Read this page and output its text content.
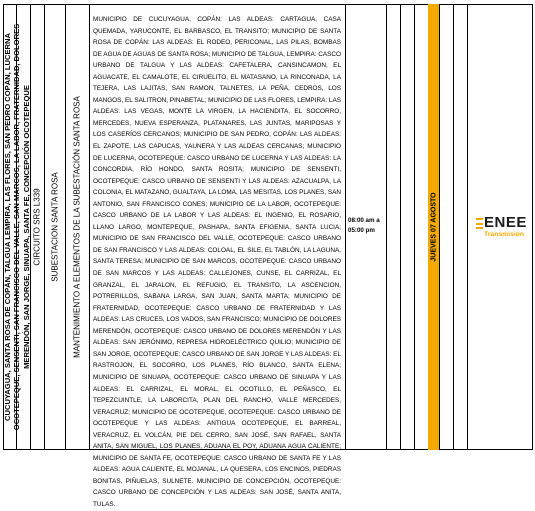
CUCUYAGUA, SANTA ROSA DE COPÁN, TALGUA LEMPIRA, LAS FLORES, SAN PEDRO COPÁN, LUCERNA OCOTEPEQUE, SENSENTI, SAN FRANCISCO DEL VALLE, SAN MARCOS, LA LABOR, FRATERNIDAD, DOLORES MERENDÓN, SAN JORGE, SINUAPA, SANTA FE, CONCEPCIÓN OCOTEPEQUE CIRCUITO SRS L339 SUBESTACION SANTA ROSA MANTENIMIENTO A ELEMENTOS DE LA SUBESTACIÓN SANTA ROSA
MUNICIPIO DE CUCUYAGUA, COPÁN: LAS ALDEAS: CARTAGUA, CASA QUEMADA, YARUCONTE, EL BARBASCO, EL TRANSITO; MUNICIPIO DE SANTA ROSA DE COPÁN: LAS ALDEAS: EL RODEO, PERICONAL, LAS PILAS, BOMBAS DE AGUA DE AGUAS DE SANTA ROSA; MUNICIPIO DE TALGUA, LEMPIRA: CASCO URBANO DE TALGUA Y LAS ALDEAS: CAFETALERA, CANSINCAMON, EL AGUACATE, EL CAMALOTE, EL CIRUELITO, EL MATASANO, LA RINCONADA, LA TEJERA, LAS LAJITAS, SAN RAMON, TALNETES, LA PEÑA, CEDROS, LOS MANGOS, EL SALITRON, PINABETAL; MUNICIPIO DE LAS FLORES, LEMPIRA: LAS ALDEAS: LAS VEGAS, MONTE LA VIRGEN, LA HACIENDITA, EL SOCORRO, MERCEDES, NUEVA ESPERANZA, PLATANARES, LAS JUNTAS, MARIPOSAS Y LOS CASERÍOS CERCANOS; MUNICIPIO DE SAN PEDRO, COPÁN: LAS ALDEAS: EL ZAPOTE, LAS CAPUCAS, YAUNERA Y LAS ALDEAS CERCANAS; MUNICIPIO DE LUCERNA, OCOTEPEQUE: CASCO URBANO DE LUCERNA Y LAS ALDEAS: LA CONCORDIA, RÍO HONDO, SANTA ROSITA; MUNICIPIO DE SENSENTI, OCOTEPEQUE: CASCO URBANO DE SENSENTI Y LAS ALDEAS: AZACUALPA, LA COLONIA, EL MATAZANO, GUALTAYA, LA LOMA, LAS MESITAS, LOS PLANES, SAN ANTONIO, SAN FRANCISCO CONES; MUNICIPIO DE LA LABOR, OCOTEPEQUE: CASCO URBANO DE LA LABOR Y LAS ALDEAS: EL INGENIO, EL ROSARIO, LLANO LARGO, MONTEPEQUE, PASHAPA, SANTA EFIGENIA, SANTA LUCIA; MUNICIPIO DE SAN FRANCISCO DEL VALLE, OCOTEPEQUE: CASCO URBANO DE SAN FRANCISCO Y LAS ALDEAS: COLOAL, EL SILE, EL TABLÓN, LA LAGUNA, SANTA TERESA; MUNICIPIO DE SAN MARCOS, OCOTEPEQUE: CASCO URBANO DE SAN MARCOS Y LAS ALDEAS: CALLEJONES, CUNSE, EL CARRIZAL, EL GRANZAL, EL JARALON, EL REFUGIO, EL TRANSITO, LA ASCENCION, POTRERILLOS, SABANA LARGA, SAN JUAN, SANTA MARTA; MUNICIPIO DE FRATERNIDAD, OCOTEPEQUE: CASCO URBANO DE FRATERNIDAD Y LAS ALDEAS: LAS CRUCES, LOS VADOS, SAN FRANCISCO; MUNICIPIO DE DOLORES MERENDÓN, OCOTEPEQUE: CASCO URBANO DE DOLORES MERENDÓN Y LAS ALDEAS: SAN JERÓNIMO, REPRESA HIDROELÉCTRICO QUILIO; MUNICIPIO DE SAN JORGE, OCOTEPEQUE: CASCO URBANO DE SAN JORGE Y LAS ALDEAS: EL RASTROJON, EL SOCORRO, LOS PLANES, RÍO BLANCO, SANTA ELENA; MUNICIPIO DE SINUAPA, OCOTEPEQUE: CASCO URBANO DE SINUAPA Y LAS ALDEAS: EL CARRIZAL, EL MORAL, EL OCOTILLO, EL PEÑASCO, EL TEPEZCUINTLE, LA LABORCITA, PLAN DEL RANCHO, VALLE MERCEDES, VERACRUZ; MUNICIPIO DE OCOTEPEQUE, OCOTEPEQUE: CASCO URBANO DE OCOTEPEQUE Y LAS ALDEAS: ANTIGUA OCOTEPEQUE, EL BARREAL, VERACRUZ, EL VOLCÁN, PIE DEL CERRO, SAN JOSÉ, SAN RAFAEL, SANTA ANITA, SAN MIGUEL, LOS PLANES, ADUANA EL POY, ADUANA AGUA CALIENTE; MUNICIPIO DE SANTA FE, OCOTEPEQUE: CASCO URBANO DE SANTA FE Y LAS ALDEAS: AGUA CALIENTE, EL MOJANAL, LA QUESERA, LOS ENCINOS, PIEDRAS BONITAS, PIÑUELAS, SULNETE. MUNICIPIO DE CONCEPCIÓN, OCOTEPEQUE: CASCO URBANO DE CONCEPCIÓN Y LAS ALDEAS: SAN JOSÉ, SANTA ANITA, TULAS.
08:00 am a 05:00 pm	JUEVES 07 AGOSTO	ENEE
Transmisión
